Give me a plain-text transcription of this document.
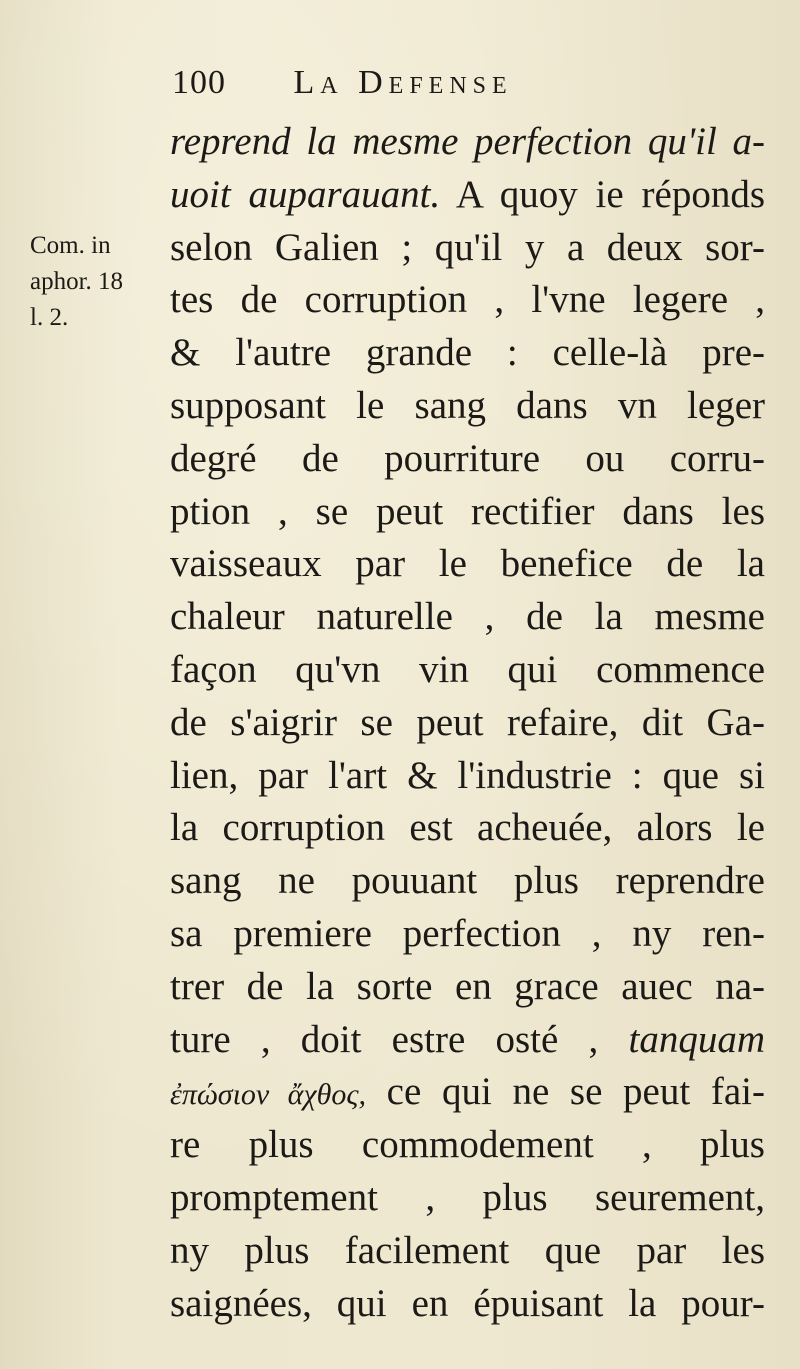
100 La Defense
Com. in
aphor. 18
l. 2.
reprend la mesme perfection qu'il a-
uoit auparauant. A quoy ie réponds
selon Galien ; qu'il y a deux sor-
tes de corruption , l'vne legere ,
& l'autre grande : celle-là pre-
supposant le sang dans vn leger
degré de pourriture ou corru-
ption , se peut rectifier dans les
vaisseaux par le benefice de la
chaleur naturelle , de la mesme
façon qu'vn vin qui commence
de s'aigrir se peut refaire, dit Ga-
lien, par l'art & l'industrie : que si
la corruption est acheuée, alors le
sang ne pouuant plus reprendre
sa premiere perfection , ny ren-
trer de la sorte en grace auec na-
ture , doit estre osté , tanquam
ἐπώσιον ἄχθος, ce qui ne se peut fai-
re plus commodement , plus
promptement , plus seurement,
ny plus facilement que par les
saignées, qui en épuisant la pour-
